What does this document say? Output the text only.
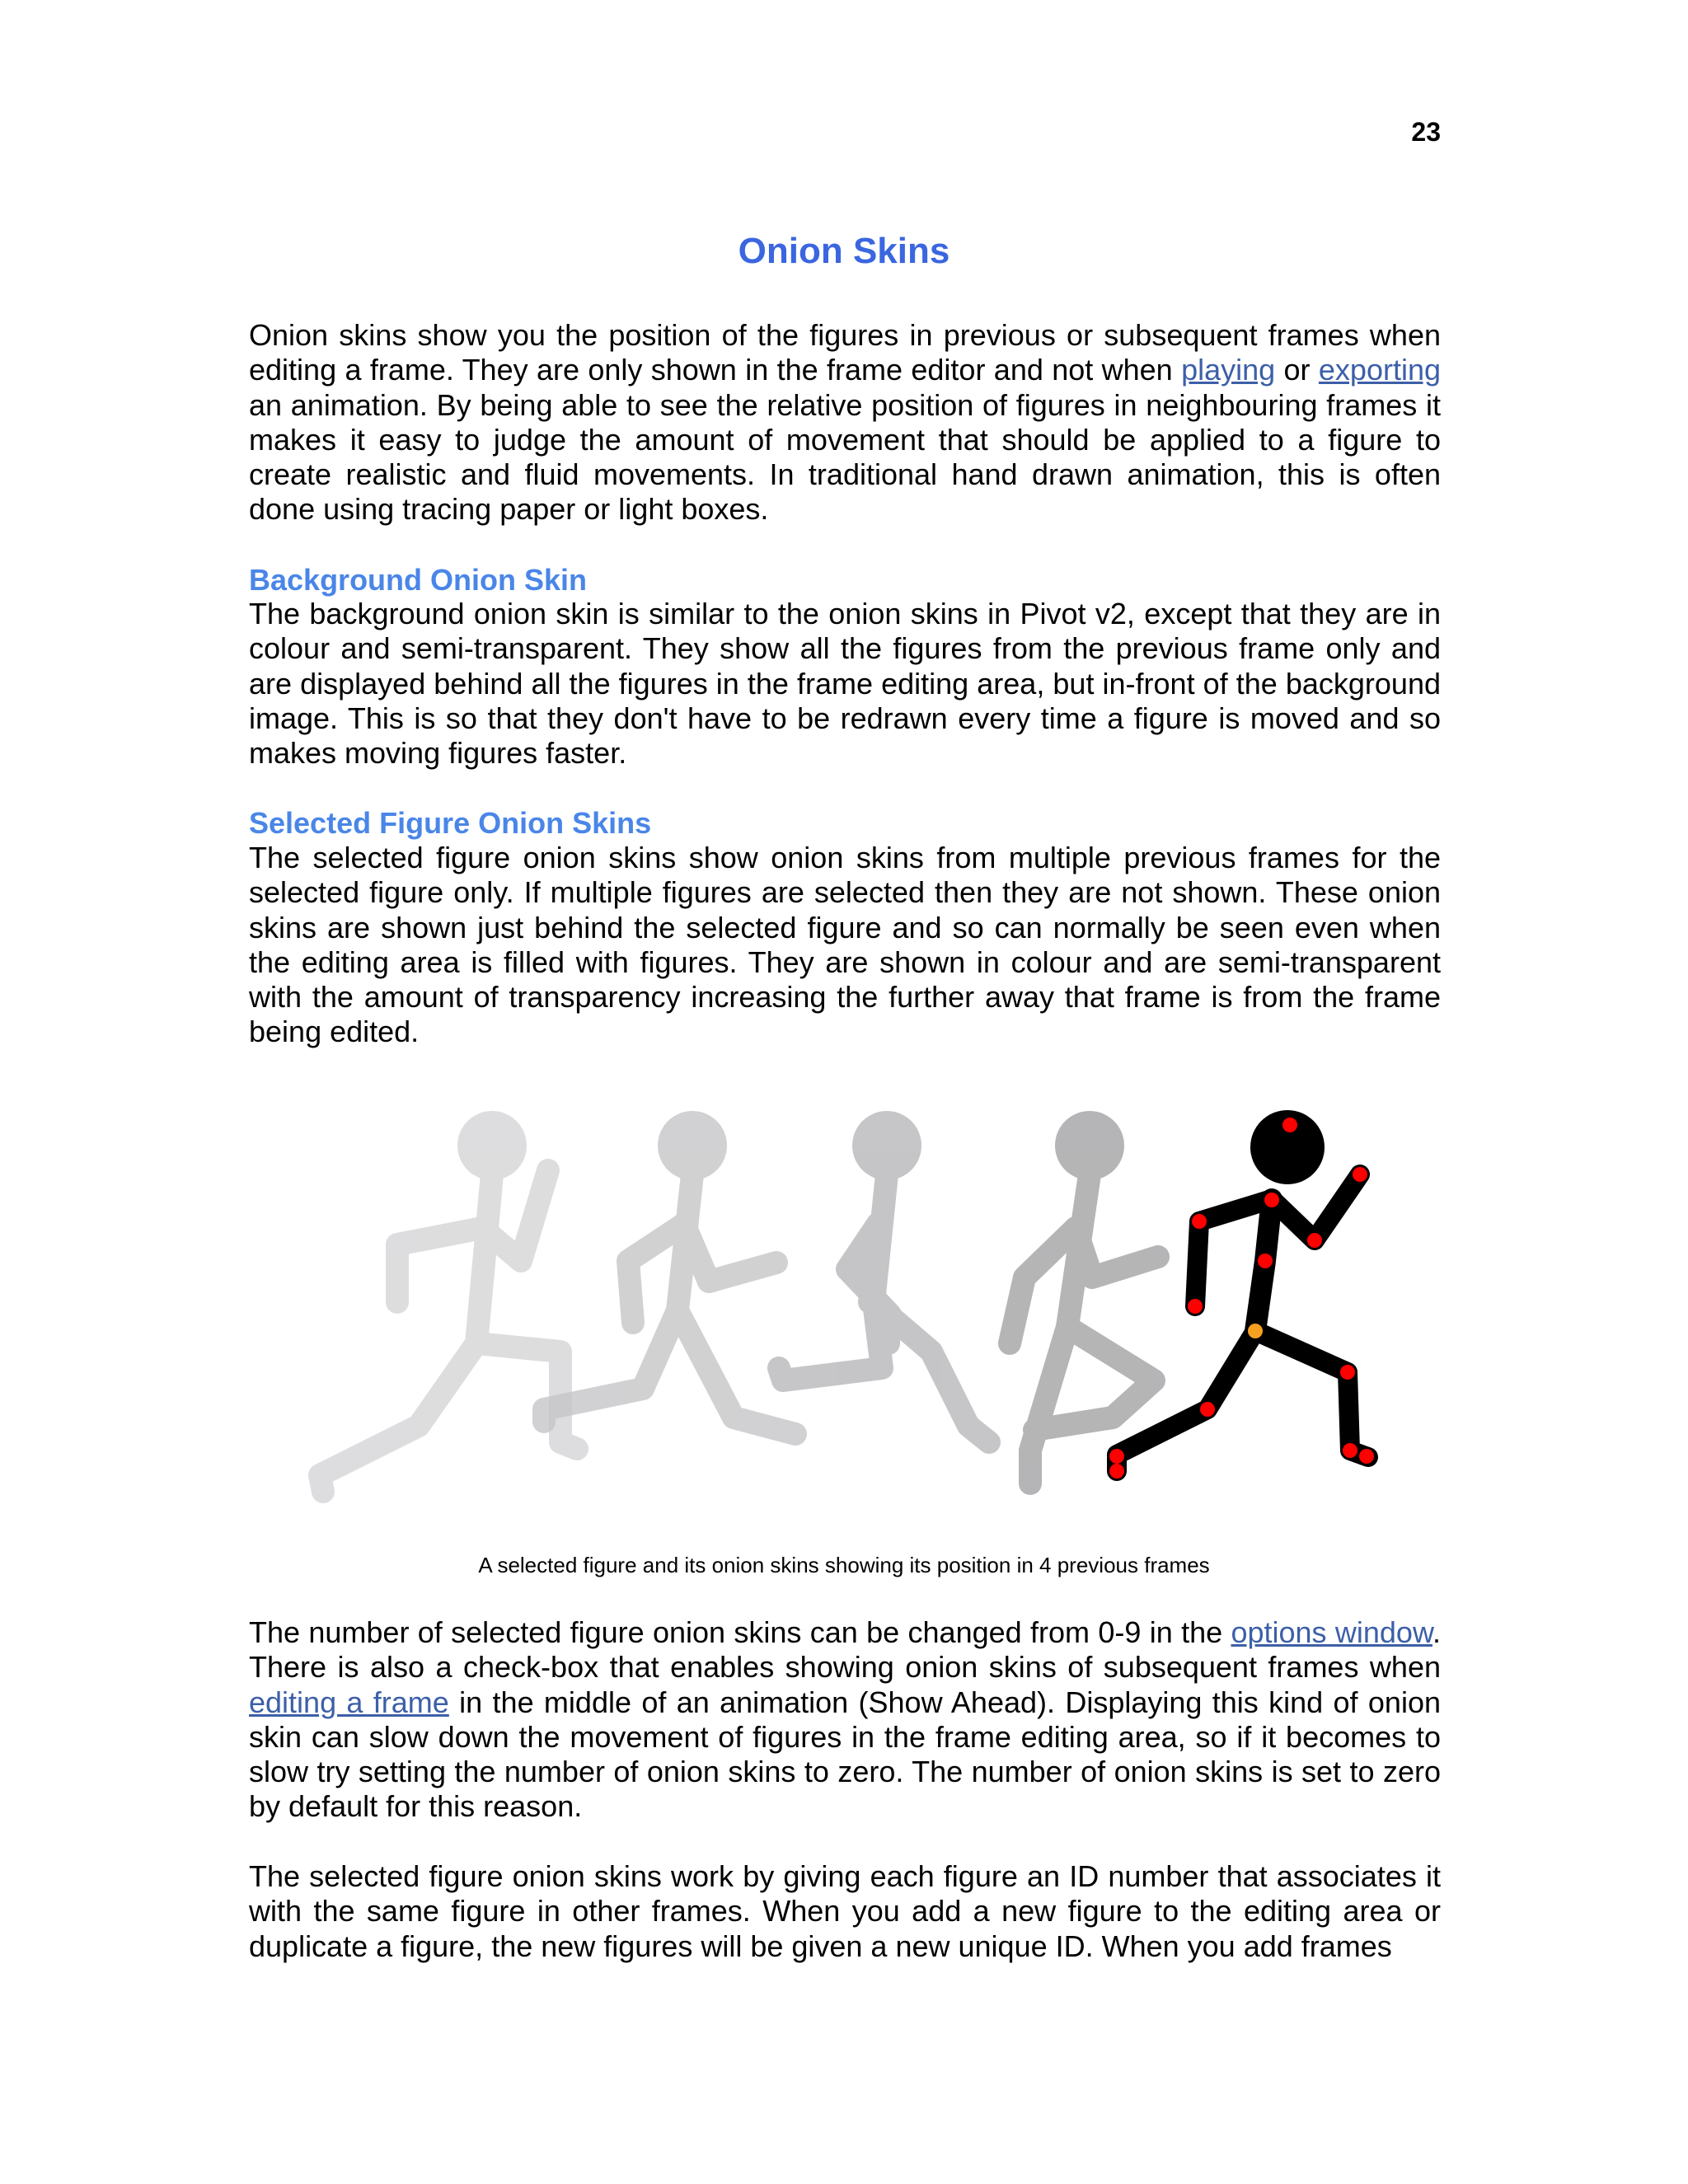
23
Onion Skins

Onion skins show you the position of the figures in previous or subsequent frames when editing a frame. They are only shown in the frame editor and not when playing or exporting an animation. By being able to see the relative position of figures in neighbouring frames it makes it easy to judge the amount of movement that should be applied to a figure to create realistic and fluid movements. In traditional hand drawn animation, this is often done using tracing paper or light boxes.

Background Onion Skin

The background onion skin is similar to the onion skins in Pivot v2, except that they are in colour and semi-transparent. They show all the figures from the previous frame only and are displayed behind all the figures in the frame editing area, but in-front of the background image. This is so that they don't have to be redrawn every time a figure is moved and so makes moving figures faster.

Selected Figure Onion Skins

The selected figure onion skins show onion skins from multiple previous frames for the selected figure only. If multiple figures are selected then they are not shown. These onion skins are shown just behind the selected figure and so can normally be seen even when the editing area is filled with figures. They are shown in colour and are semi-transparent with the amount of transparency increasing the further away that frame is from the frame being edited.

A selected figure and its onion skins showing its position in 4 previous frames

The number of selected figure onion skins can be changed from 0-9 in the options window. There is also a check-box that enables showing onion skins of subsequent frames when editing a frame in the middle of an animation (Show Ahead). Displaying this kind of onion skin can slow down the movement of figures in the frame editing area, so if it becomes to slow try setting the number of onion skins to zero. The number of onion skins is set to zero by default for this reason.

The selected figure onion skins work by giving each figure an ID number that associates it with the same figure in other frames. When you add a new figure to the editing area or duplicate a figure, the new figures will be given a new unique ID. When you add frames
